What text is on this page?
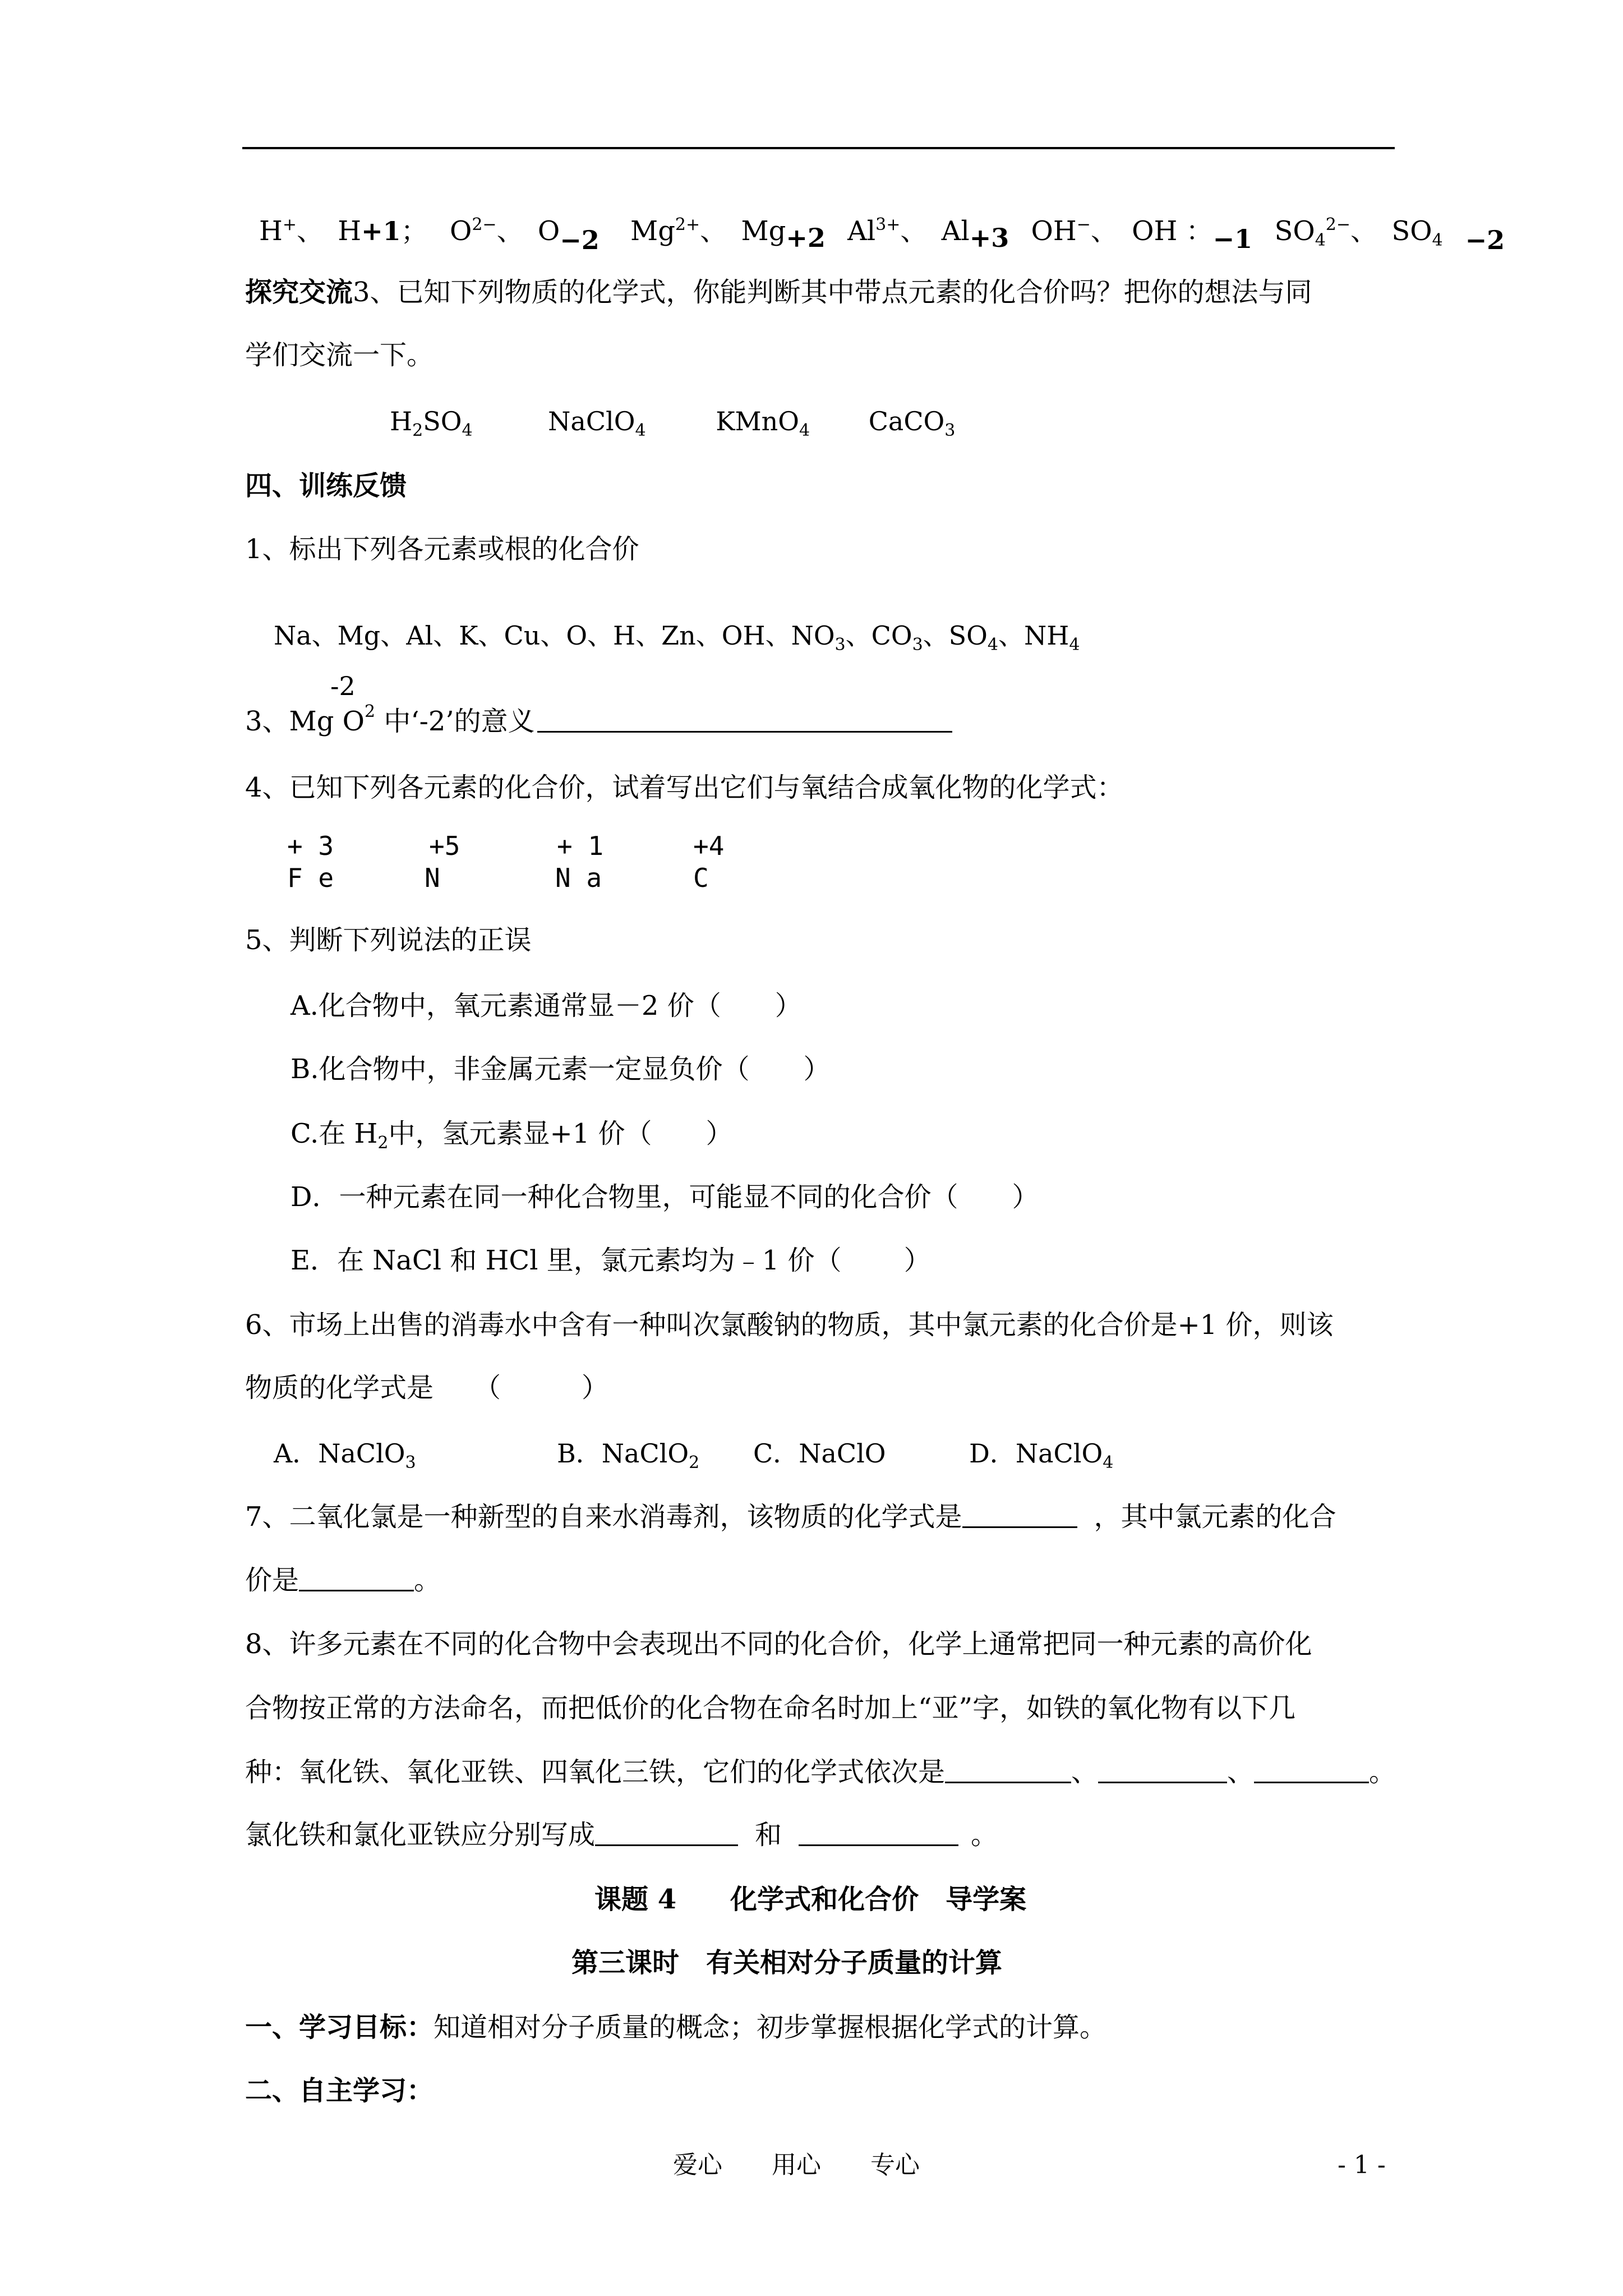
H+、 H+1； $O^{2-}$、 O−2 $Mg^{2+}$、 Mg+2 $Al^{3+}$、 Al+3 OH−、 OH ：−1 $SO_4^{2-}$、 $SO_4 -2$
探究交流3、已知下列物质的化学式，你能判断其中带点元素的化合价吗？把你的想法与同
学们交流一下。
$H_2SO_4$	NaClO$_4$	KMnO$_4$ CaCO$_3$
四、训练反馈
1、标出下列各元素或根的化合价
Na、Mg、Al、K、Cu、O、H、Zn、OH、$NO_3$、$CO_3$、$SO_4$、$NH_4$
-2
3、Mg $O^2$ 中‘-2’的意义
4、已知下列各元素的化合价，试着写出它们与氧结合成氧化物的化学式：
+ 3	+5	+ 1	+4
F e	N	N a	C
5、判断下列说法的正误
A.化合物中，氧元素通常显－2 价（　　）
B.化合物中，非金属元素一定显负价（　　）
C.在 $H_2$中，氢元素显+1 价（　　）
D．一种元素在同一种化合物里，可能显不同的化合价（　　）
E．在 NaCl 和 HCl 里，氯元素均为﹣1 价（　　 ）
6、市场上出售的消毒水中含有一种叫次氯酸钠的物质，其中氯元素的化合价是+1 价，则该
物质的化学式是　　（　　　）
A．NaClO$_3$	B．NaClO$_2$ C．NaClO	D．NaClO$_4$
7、二氧化氯是一种新型的自来水消毒剂，该物质的化学式是	，其中氯元素的化合
价是	。
8、许多元素在不同的化合物中会表现出不同的化合价，化学上通常把同一种元素的高价化
合物按正常的方法命名，而把低价的化合物在命名时加上“亚”字，如铁的氧化物有以下几
种：氧化铁、氧化亚铁、四氧化三铁，它们的化学式依次是	、	、	。
氯化铁和氯化亚铁应分别写成	和	。
课题 4　　化学式和化合价　导学案
第三课时　有关相对分子质量的计算
一、学习目标：知道相对分子质量的概念；初步掌握根据化学式的计算。
二、自主学习：
爱心　　用心　　专心	- 1 -
